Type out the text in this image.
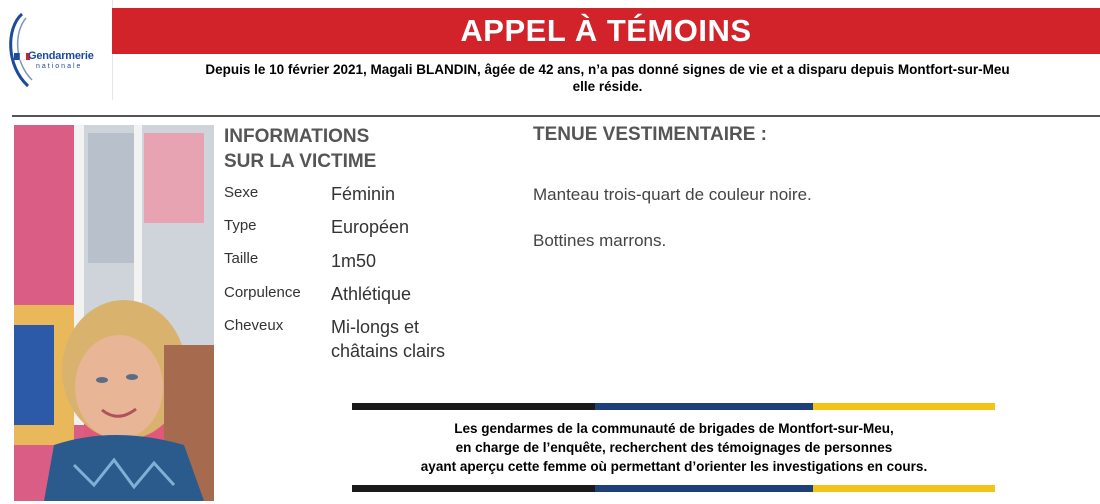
Gendarmerie
nationale
APPEL À TÉMOINS
Depuis le 10 février 2021, Magali BLANDIN, âgée de 42 ans, n’a pas donné signes de vie et a disparu depuis Montfort-sur-Meu
elle réside.
INFORMATIONS
SUR LA VICTIME
Sexe	Féminin
Type	Européen
Taille	1m50
Corpulence Athlétique
Cheveux	Mi-longs et
châtains clairs
TENUE VESTIMENTAIRE :
Manteau trois-quart de couleur noire.
Bottines marrons.
Les gendarmes de la communauté de brigades de Montfort-sur-Meu,
en charge de l’enquête, recherchent des témoignages de personnes
ayant aperçu cette femme où permettant d’orienter les investigations en cours.
